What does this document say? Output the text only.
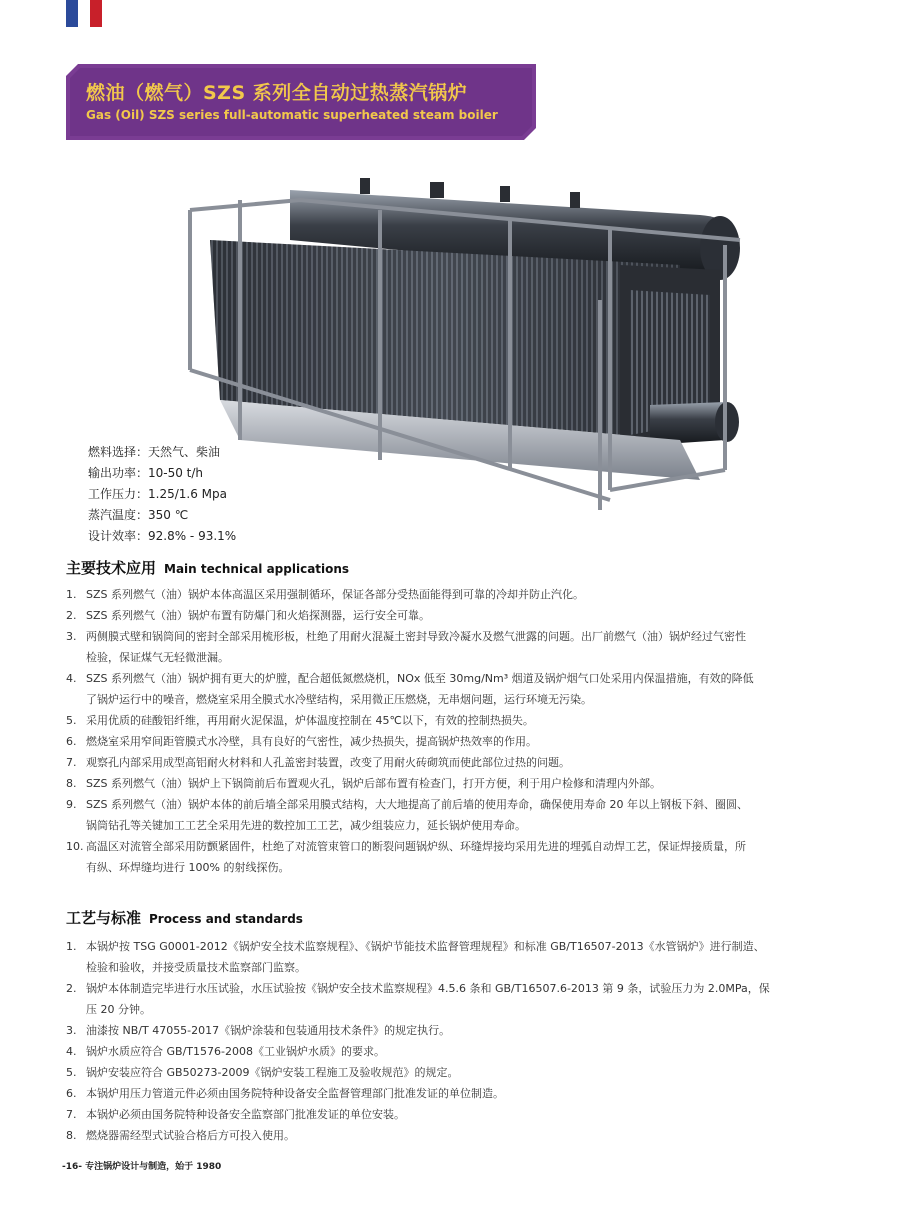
燃油（燃气）SZS 系列全自动过热蒸汽锅炉
Gas (Oil) SZS series full-automatic superheated steam boiler
燃料选择：天然气、柴油
输出功率：10-50 t/h
工作压力：1.25/1.6 Mpa
蒸汽温度：350 ℃
设计效率：92.8% - 93.1%
主要技术应用 Main technical applications
1. SZS 系列燃气（油）锅炉本体高温区采用强制循环，保证各部分受热面能得到可靠的冷却并防止汽化。
2. SZS 系列燃气（油）锅炉布置有防爆门和火焰探测器，运行安全可靠。
3. 两侧膜式壁和锅筒间的密封全部采用梳形板，杜绝了用耐火混凝土密封导致冷凝水及燃气泄露的问题。出厂前燃气（油）锅炉经过气密性
检验，保证煤气无轻微泄漏。
4. SZS 系列燃气（油）锅炉拥有更大的炉膛，配合超低氮燃烧机，NOx 低至 30mg/Nm³ 烟道及锅炉烟气口处采用内保温措施，有效的降低
了锅炉运行中的噪音，燃烧室采用全膜式水冷壁结构，采用微正压燃烧，无串烟问题，运行环境无污染。
5. 采用优质的硅酸铝纤维，再用耐火泥保温，炉体温度控制在 45℃以下，有效的控制热损失。
6. 燃烧室采用窄间距管膜式水冷壁，具有良好的气密性，减少热损失，提高锅炉热效率的作用。
7. 观察孔内部采用成型高铝耐火材料和人孔盖密封装置，改变了用耐火砖砌筑而使此部位过热的问题。
8. SZS 系列燃气（油）锅炉上下锅筒前后布置观火孔，锅炉后部布置有检查门，打开方便，利于用户检修和清理内外部。
9. SZS 系列燃气（油）锅炉本体的前后墙全部采用膜式结构，大大地提高了前后墙的使用寿命，确保使用寿命 20 年以上钢板下斜、圈圆、
锅筒钻孔等关键加工工艺全采用先进的数控加工工艺，减少组装应力，延长锅炉使用寿命。
10. 高温区对流管全部采用防颤紧固件，杜绝了对流管束管口的断裂问题锅炉纵、环缝焊接均采用先进的埋弧自动焊工艺，保证焊接质量，所
有纵、环焊缝均进行 100% 的射线探伤。
工艺与标准 Process and standards
1. 本锅炉按 TSG G0001-2012《锅炉安全技术监察规程》、《锅炉节能技术监督管理规程》和标准 GB/T16507-2013《水管锅炉》进行制造、
检验和验收，并接受质量技术监察部门监察。
2. 锅炉本体制造完毕进行水压试验，水压试验按《锅炉安全技术监察规程》4.5.6 条和 GB/T16507.6-2013 第 9 条，试验压力为 2.0MPa，保
压 20 分钟。
3. 油漆按 NB/T 47055-2017《锅炉涂装和包装通用技术条件》的规定执行。
4. 锅炉水质应符合 GB/T1576-2008《工业锅炉水质》的要求。
5. 锅炉安装应符合 GB50273-2009《锅炉安装工程施工及验收规范》的规定。
6. 本锅炉用压力管道元件必须由国务院特种设备安全监督管理部门批准发证的单位制造。
7. 本锅炉必须由国务院特种设备安全监察部门批准发证的单位安装。
8. 燃烧器需经型式试验合格后方可投入使用。
-16- 专注锅炉设计与制造，始于 1980
